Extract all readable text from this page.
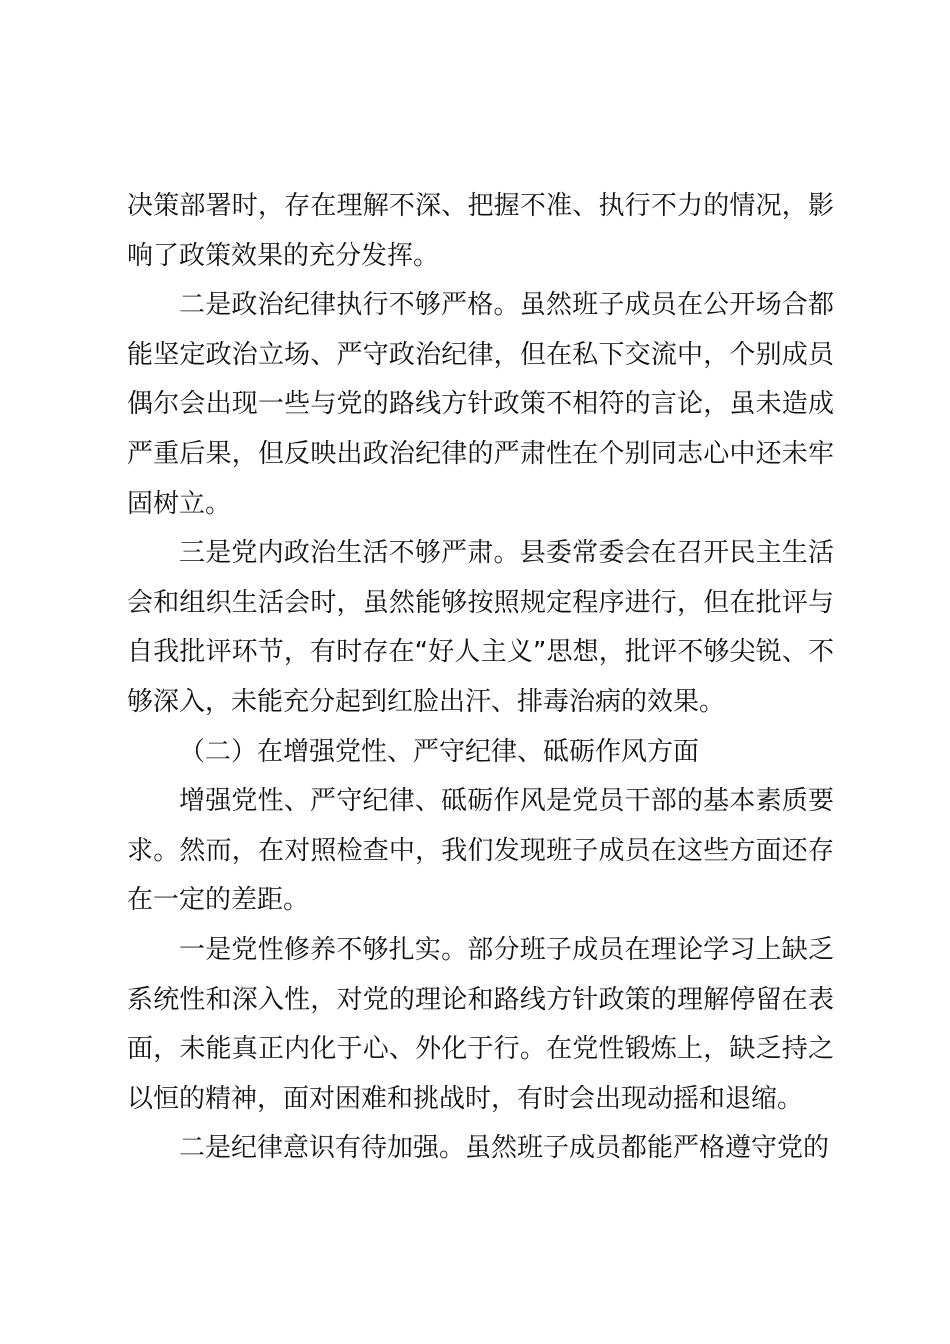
决策部署时，存在理解不深、把握不准、执行不力的情况，影响了政策效果的充分发挥。

二是政治纪律执行不够严格。虽然班子成员在公开场合都能坚定政治立场、严守政治纪律，但在私下交流中，个别成员偶尔会出现一些与党的路线方针政策不相符的言论，虽未造成严重后果，但反映出政治纪律的严肃性在个别同志心中还未牢固树立。

三是党内政治生活不够严肃。县委常委会在召开民主生活会和组织生活会时，虽然能够按照规定程序进行，但在批评与自我批评环节，有时存在“好人主义”思想，批评不够尖锐、不够深入，未能充分起到红脸出汗、排毒治病的效果。

（二）在增强党性、严守纪律、砥砺作风方面

增强党性、严守纪律、砥砺作风是党员干部的基本素质要求。然而，在对照检查中，我们发现班子成员在这些方面还存在一定的差距。

一是党性修养不够扎实。部分班子成员在理论学习上缺乏系统性和深入性，对党的理论和路线方针政策的理解停留在表面，未能真正内化于心、外化于行。在党性锻炼上，缺乏持之以恒的精神，面对困难和挑战时，有时会出现动摇和退缩。

二是纪律意识有待加强。虽然班子成员都能严格遵守党的
